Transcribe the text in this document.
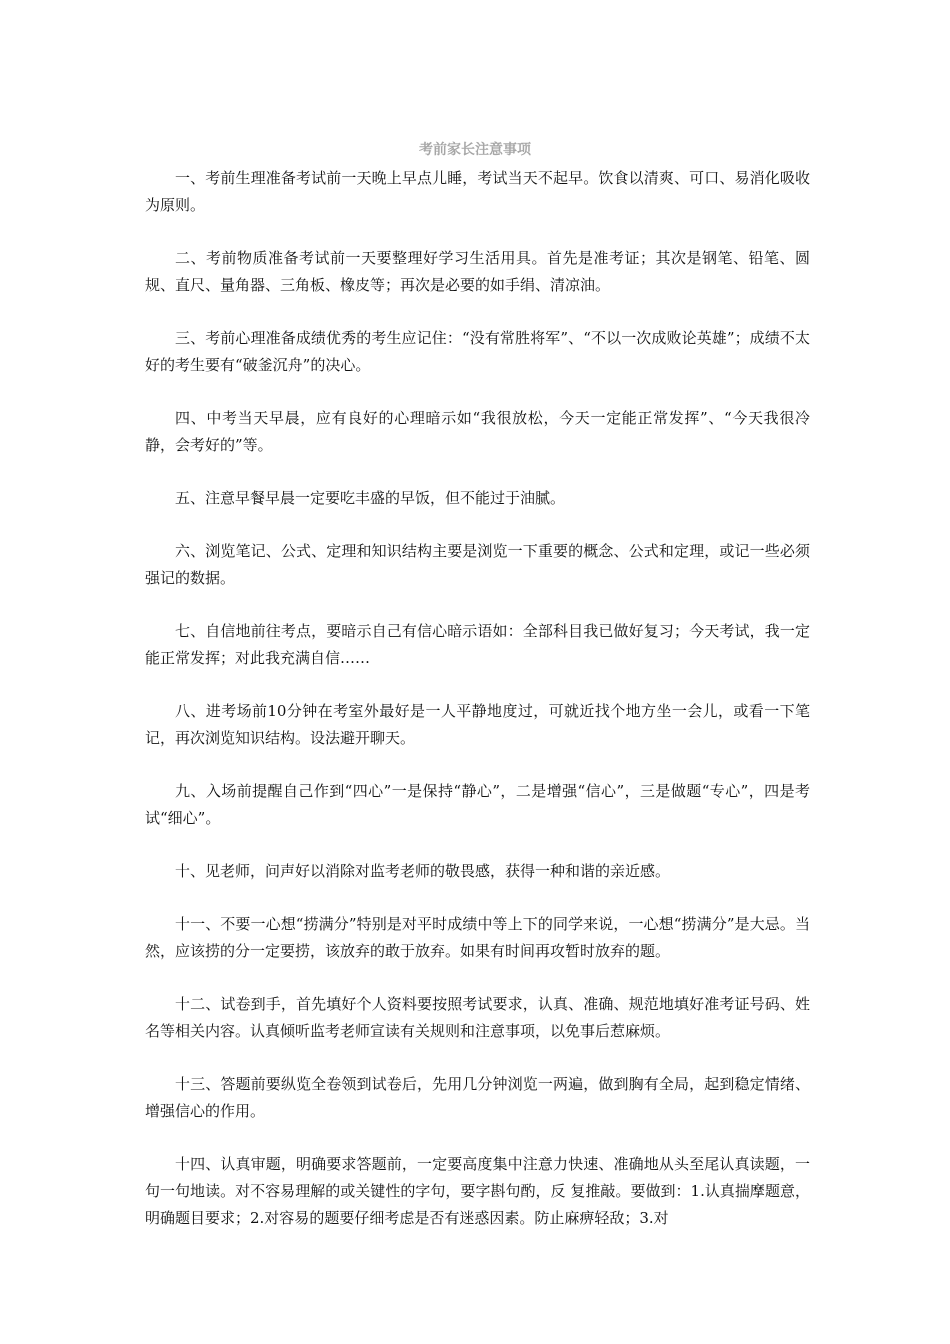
考前家长注意事项

一、考前生理准备考试前一天晚上早点儿睡，考试当天不起早。饮食以清爽、可口、易消化吸收为原则。

二、考前物质准备考试前一天要整理好学习生活用具。首先是准考证；其次是钢笔、铅笔、圆规、直尺、量角器、三角板、橡皮等；再次是必要的如手绢、清凉油。

三、考前心理准备成绩优秀的考生应记住：“没有常胜将军”、“不以一次成败论英雄”；成绩不太好的考生要有“破釜沉舟”的决心。

四、中考当天早晨，应有良好的心理暗示如“我很放松，今天一定能正常发挥”、“今天我很冷静，会考好的”等。

五、注意早餐早晨一定要吃丰盛的早饭，但不能过于油腻。

六、浏览笔记、公式、定理和知识结构主要是浏览一下重要的概念、公式和定理，或记一些必须强记的数据。

七、自信地前往考点，要暗示自己有信心暗示语如：全部科目我已做好复习；今天考试，我一定能正常发挥；对此我充满自信……

八、进考场前10分钟在考室外最好是一人平静地度过，可就近找个地方坐一会儿，或看一下笔记，再次浏览知识结构。设法避开聊天。

九、入场前提醒自己作到“四心”一是保持“静心”，二是增强“信心”，三是做题“专心”，四是考试“细心”。

十、见老师，问声好以消除对监考老师的敬畏感，获得一种和谐的亲近感。

十一、不要一心想“捞满分”特别是对平时成绩中等上下的同学来说，一心想“捞满分”是大忌。当然，应该捞的分一定要捞，该放弃的敢于放弃。如果有时间再攻暂时放弃的题。

十二、试卷到手，首先填好个人资料要按照考试要求，认真、准确、规范地填好准考证号码、姓名等相关内容。认真倾听监考老师宣读有关规则和注意事项，以免事后惹麻烦。

十三、答题前要纵览全卷领到试卷后，先用几分钟浏览一两遍，做到胸有全局，起到稳定情绪、增强信心的作用。

十四、认真审题，明确要求答题前，一定要高度集中注意力快速、准确地从头至尾认真读题，一句一句地读。对不容易理解的或关键性的字句，要字斟句酌，反 复推敲。要做到：1.认真揣摩题意，明确题目要求；2.对容易的题要仔细考虑是否有迷惑因素。防止麻痹轻敌；3.对
